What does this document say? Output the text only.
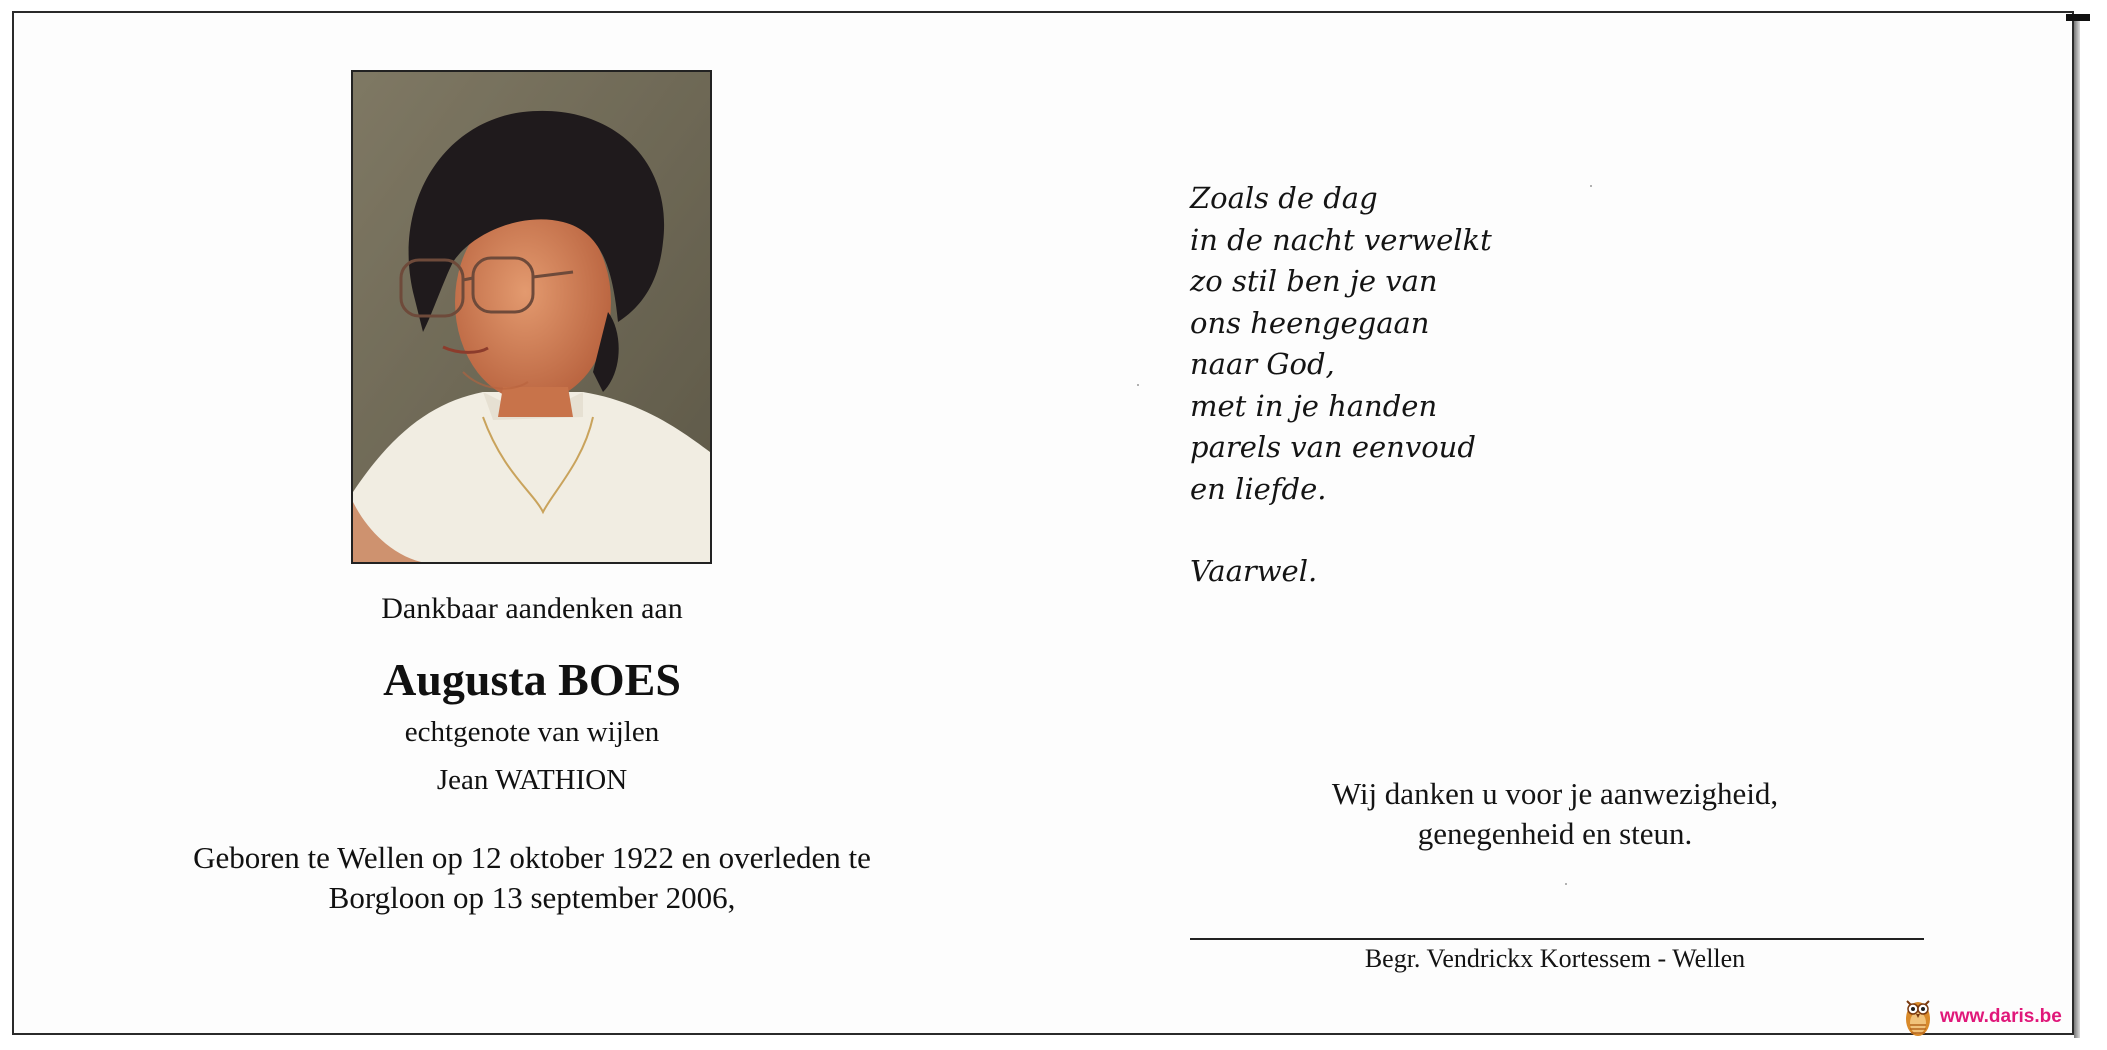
Dankbaar aandenken aan
Augusta BOES
echtgenote van wijlen
Jean WATHION
Geboren te Wellen op 12 oktober 1922 en overleden te
Borgloon op 13 september 2006,
Zoals de dag
in de nacht verwelkt
zo stil ben je van
ons heengegaan
naar God,
met in je handen
parels van eenvoud
en liefde.
Vaarwel.
Wij danken u voor je aanwezigheid,
genegenheid en steun.
Begr. Vendrickx Kortessem - Wellen
www.daris.be
